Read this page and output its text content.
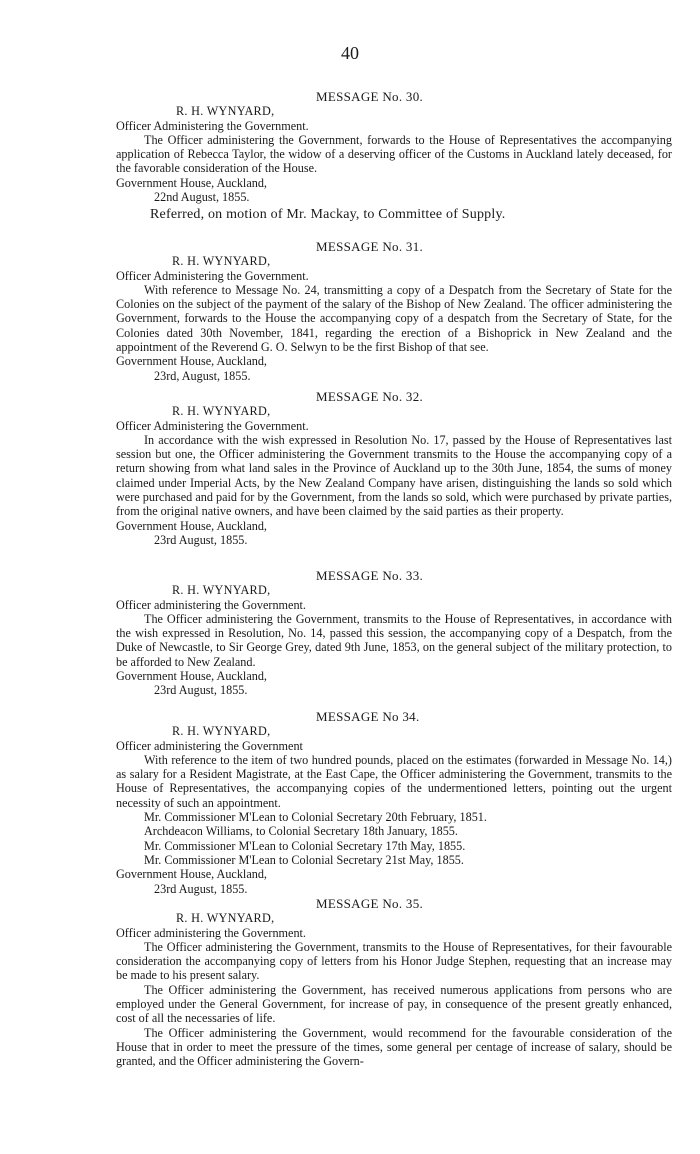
40

MESSAGE No. 30.

R. H. WYNYARD,

Officer Administering the Government.

The Officer administering the Government, forwards to the House of Representatives the accompanying application of Rebecca Taylor, the widow of a deserving officer of the Customs in Auckland lately deceased, for the favorable consideration of the House.

Government House, Auckland,

22nd August, 1855.

Referred, on motion of Mr. Mackay, to Committee of Supply.

MESSAGE No. 31.

R. H. WYNYARD,

Officer Administering the Government.

With reference to Message No. 24, transmitting a copy of a Despatch from the Secretary of State for the Colonies on the subject of the payment of the salary of the Bishop of New Zealand. The officer administering the Government, forwards to the House the accompanying copy of a despatch from the Secretary of State, for the Colonies dated 30th November, 1841, regarding the erection of a Bishoprick in New Zealand and the appointment of the Reverend G. O. Selwyn to be the first Bishop of that see.

Government House, Auckland,

23rd, August, 1855.

MESSAGE No. 32.

R. H. WYNYARD,

Officer Administering the Government.

In accordance with the wish expressed in Resolution No. 17, passed by the House of Representatives last session but one, the Officer administering the Government transmits to the House the accompanying copy of a return showing from what land sales in the Province of Auckland up to the 30th June, 1854, the sums of money claimed under Imperial Acts, by the New Zealand Company have arisen, distinguishing the lands so sold which were purchased and paid for by the Government, from the lands so sold, which were purchased by private parties, from the original native owners, and have been claimed by the said parties as their property.

Government House, Auckland,

23rd August, 1855.

MESSAGE No. 33.

R. H. WYNYARD,

Officer administering the Government.

The Officer administering the Government, transmits to the House of Representatives, in accordance with the wish expressed in Resolution, No. 14, passed this session, the accompanying copy of a Despatch, from the Duke of Newcastle, to Sir George Grey, dated 9th June, 1853, on the general subject of the military protection, to be afforded to New Zealand.

Government House, Auckland,

23rd August, 1855.

MESSAGE No 34.

R. H. WYNYARD,

Officer administering the Government

With reference to the item of two hundred pounds, placed on the estimates (forwarded in Message No. 14,) as salary for a Resident Magistrate, at the East Cape, the Officer administering the Government, transmits to the House of Representatives, the accompanying copies of the undermentioned letters, pointing out the urgent necessity of such an appointment.

Mr. Commissioner M'Lean to Colonial Secretary 20th February, 1851.

Archdeacon Williams, to Colonial Secretary 18th January, 1855.

Mr. Commissioner M'Lean to Colonial Secretary 17th May, 1855.

Mr. Commissioner M'Lean to Colonial Secretary 21st May, 1855.

Government House, Auckland,

23rd August, 1855.

MESSAGE No. 35.

R. H. WYNYARD,

Officer administering the Government.

The Officer administering the Government, transmits to the House of Representatives, for their favourable consideration the accompanying copy of letters from his Honor Judge Stephen, requesting that an increase may be made to his present salary.

The Officer administering the Government, has received numerous applications from persons who are employed under the General Government, for increase of pay, in consequence of the present greatly enhanced, cost of all the necessaries of life.

The Officer administering the Government, would recommend for the favourable consideration of the House that in order to meet the pressure of the times, some general per centage of increase of salary, should be granted, and the Officer administering the Govern-
